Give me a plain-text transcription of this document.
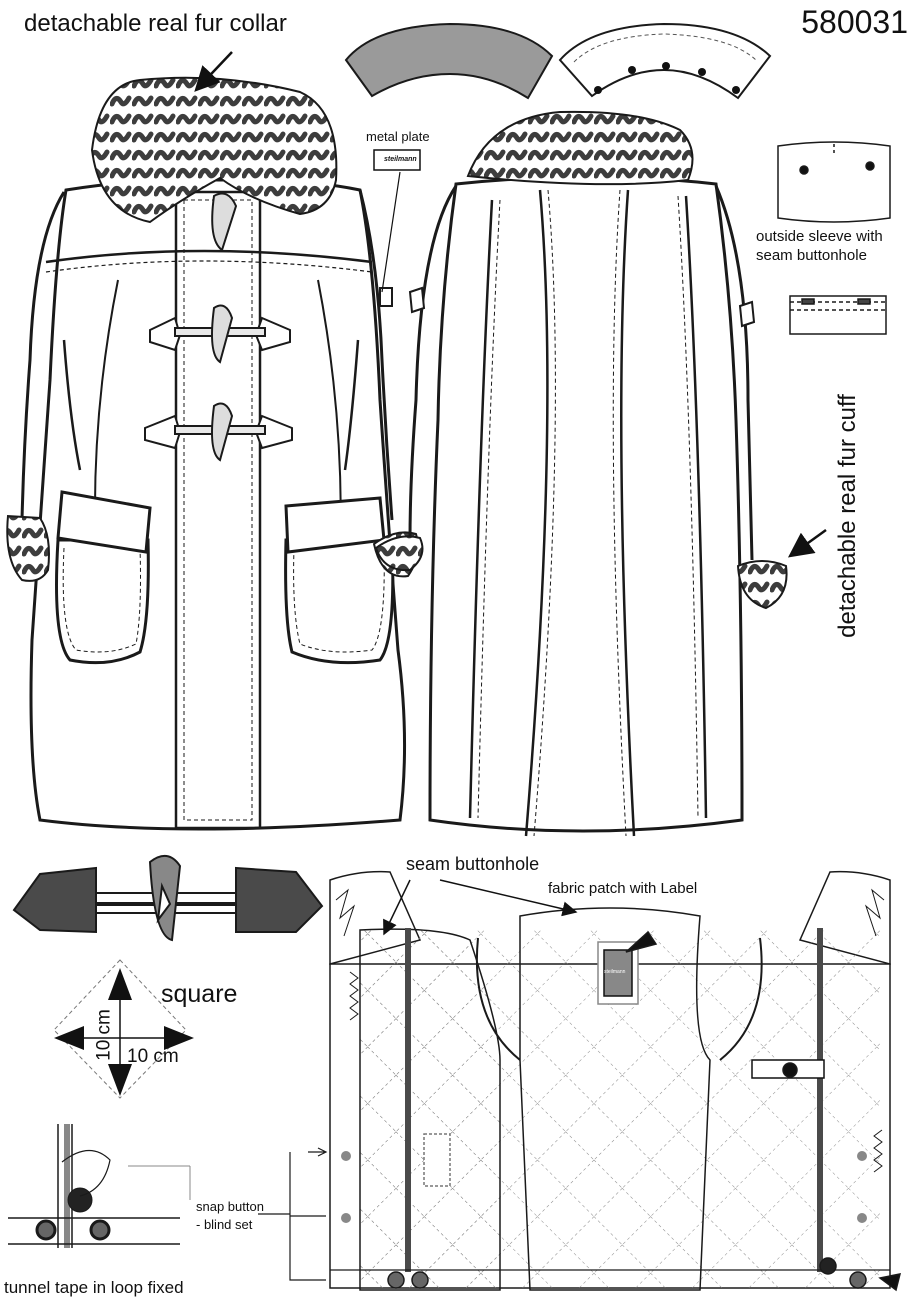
580031
detachable real fur collar
metal plate
steilmann
outside sleeve with
seam buttonhole
detachable real fur cuff
seam buttonhole
fabric patch with Label
steilmann
square
10 cm 10 cm
snap button
- blind set
tunnel tape in loop fixed
